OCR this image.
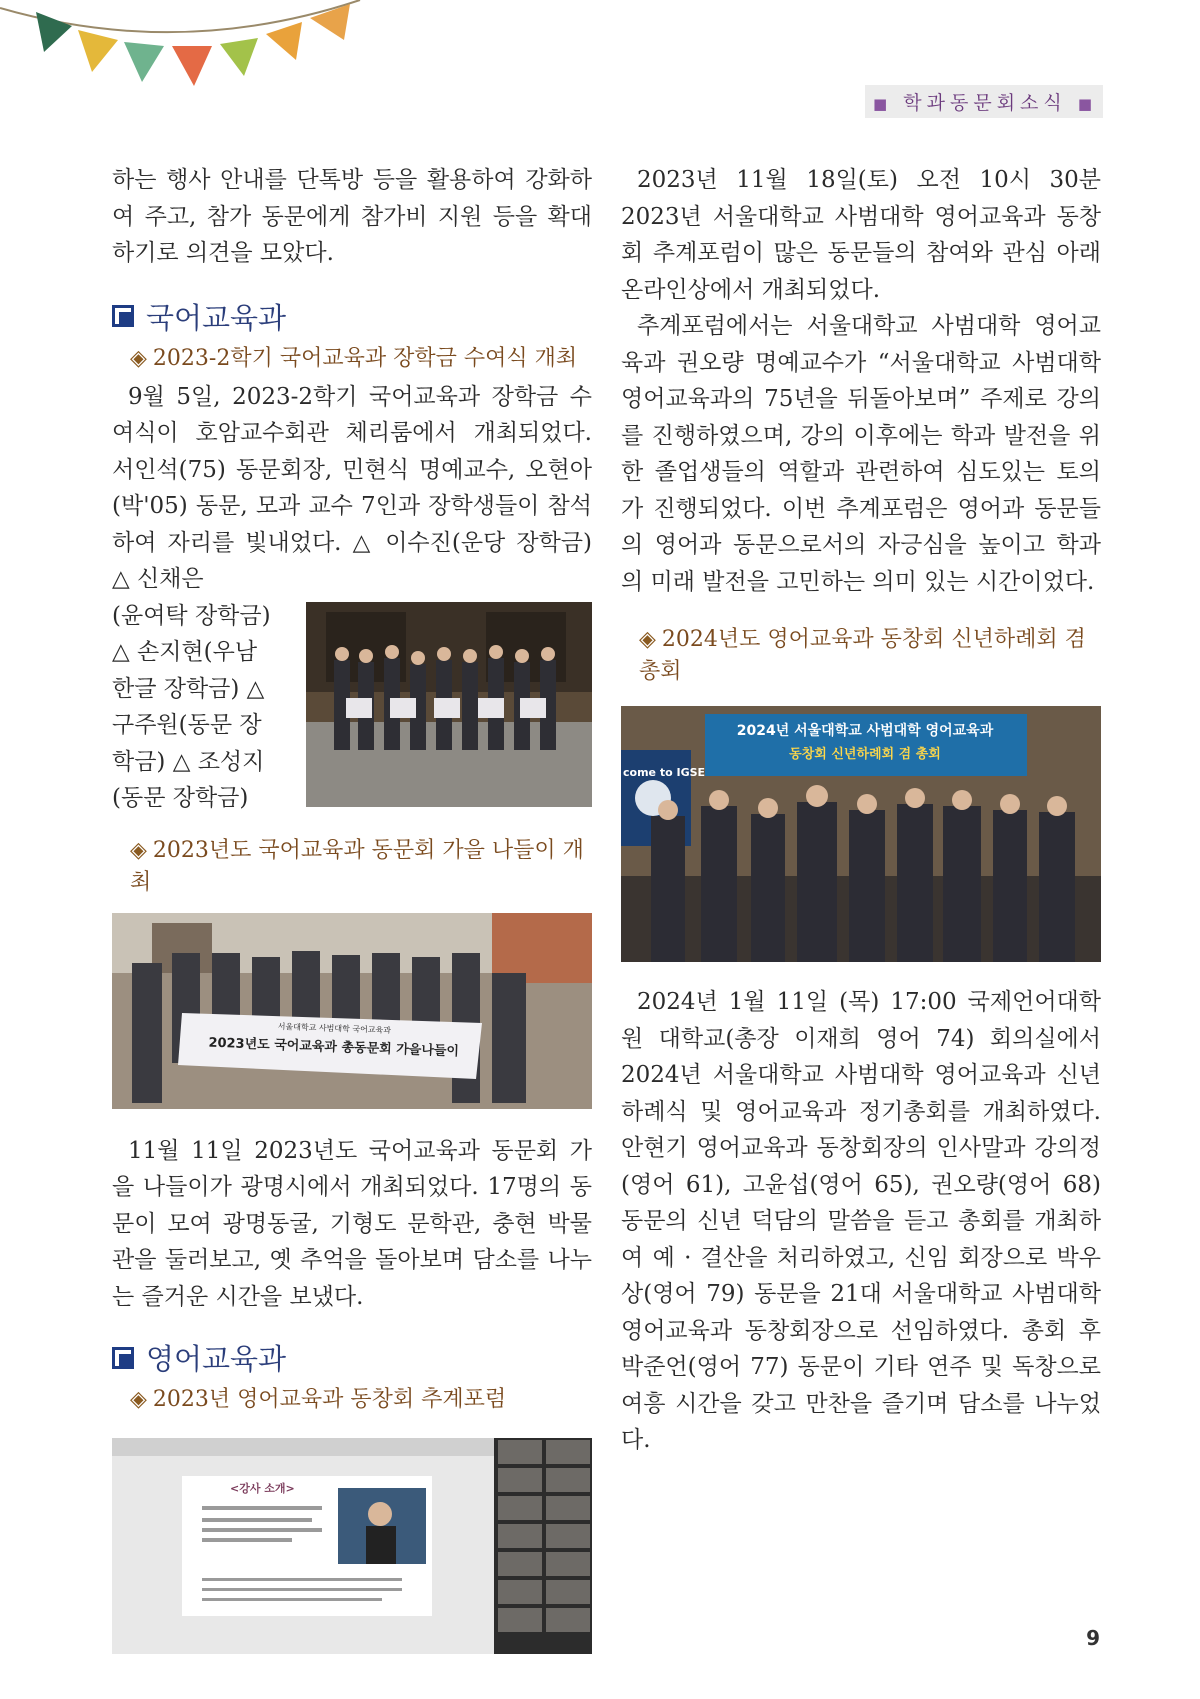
■ 학과동문회소식 ■

하는 행사 안내를 단톡방 등을 활용하여 강화하여 주고, 참가 동문에게 참가비 지원 등을 확대하기로 의견을 모았다.

국어교육과
◈ 2023-2학기 국어교육과 장학금 수여식 개최

9월 5일, 2023-2학기 국어교육과 장학금 수여식이 호암교수회관 체리룸에서 개최되었다. 서인석(75) 동문회장, 민현식 명예교수, 오현아(박'05) 동문, 모과 교수 7인과 장학생들이 참석하여 자리를 빛내었다. △ 이수진(운당 장학금) △ 신채은

(윤여탁 장학금) △ 손지현(우남 한글 장학금) △ 구주원(동문 장학금) △ 조성지 (동문 장학금)

◈ 2023년도 국어교육과 동문회 가을 나들이 개최
서울대학교 사범대학 국어교육과
2023년도 국어교육과 총동문회 가을나들이

11월 11일 2023년도 국어교육과 동문회 가을 나들이가 광명시에서 개최되었다. 17명의 동문이 모여 광명동굴, 기형도 문학관, 충현 박물관을 둘러보고, 옛 추억을 돌아보며 담소를 나누는 즐거운 시간을 보냈다.

영어교육과
◈ 2023년 영어교육과 동창회 추계포럼
<강사 소개>

2023년 11월 18일(토) 오전 10시 30분 2023년 서울대학교 사범대학 영어교육과 동창회 추계포럼이 많은 동문들의 참여와 관심 아래 온라인상에서 개최되었다.

추계포럼에서는 서울대학교 사범대학 영어교육과 권오량 명예교수가 “서울대학교 사범대학 영어교육과의 75년을 뒤돌아보며” 주제로 강의를 진행하였으며, 강의 이후에는 학과 발전을 위한 졸업생들의 역할과 관련하여 심도있는 토의가 진행되었다. 이번 추계포럼은 영어과 동문들의 영어과 동문으로서의 자긍심을 높이고 학과의 미래 발전을 고민하는 의미 있는 시간이었다.

◈ 2024년도 영어교육과 동창회 신년하례회 겸 총회
come to IGSE
2024년 서울대학교 사범대학 영어교육과
동창회 신년하례회 겸 총회

2024년 1월 11일 (목) 17:00 국제언어대학원 대학교(총장 이재희 영어 74) 회의실에서 2024년 서울대학교 사범대학 영어교육과 신년하례식 및 영어교육과 정기총회를 개최하였다. 안현기 영어교육과 동창회장의 인사말과 강의정(영어 61), 고윤섭(영어 65), 권오량(영어 68) 동문의 신년 덕담의 말씀을 듣고 총회를 개최하여 예 · 결산을 처리하였고, 신임 회장으로 박우상(영어 79) 동문을 21대 서울대학교 사범대학 영어교육과 동창회장으로 선임하였다. 총회 후 박준언(영어 77) 동문이 기타 연주 및 독창으로 여흥 시간을 갖고 만찬을 즐기며 담소를 나누었다.

9
